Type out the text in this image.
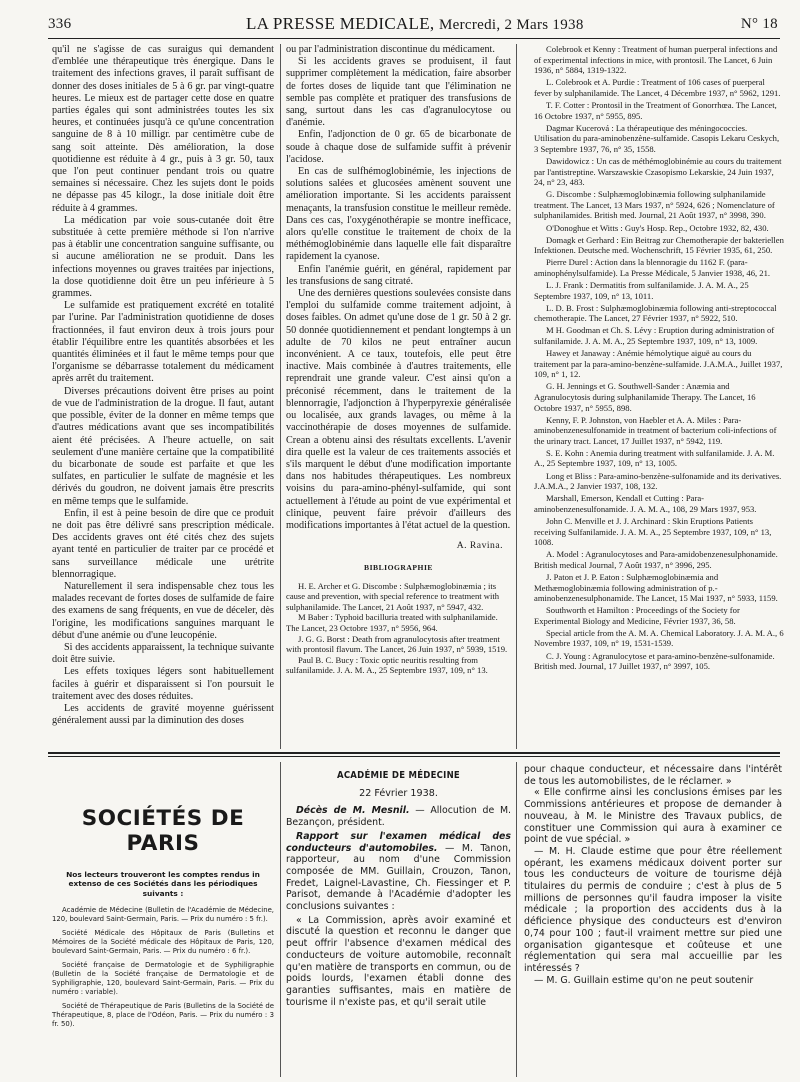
336	LA PRESSE MEDICALE, Mercredi, 2 Mars 1938	N° 18

qu'il ne s'agisse de cas suraigus qui demandent d'emblée une thérapeutique très énergique. Dans le traitement des infections graves, il paraît suffisant de donner des doses initiales de 5 à 6 gr. par vingt-quatre heures. Le mieux est de partager cette dose en quatre parties égales qui sont administrées toutes les six heures, et continuées jusqu'à ce qu'une concentration sanguine de 8 à 10 milligr. par centimètre cube de sang soit atteinte. Dès amélioration, la dose quotidienne est réduite à 4 gr., puis à 3 gr. 50, taux que l'on peut continuer pendant trois ou quatre semaines si nécessaire. Chez les sujets dont le poids ne dépasse pas 45 kilogr., la dose initiale doit être réduite à 4 grammes.

La médication par voie sous-cutanée doit être substituée à cette première méthode si l'on n'arrive pas à établir une concentration sanguine suffisante, ou si aucune amélioration ne se produit. Dans les infections moyennes ou graves traitées par injections, la dose quotidienne doit être un peu inférieure à 5 grammes.

Le sulfamide est pratiquement excrété en totalité par l'urine. Par l'administration quotidienne de doses fractionnées, il faut environ deux à trois jours pour établir l'équilibre entre les quantités absorbées et les quantités éliminées et il faut le même temps pour que l'organisme se débarrasse totalement du médicament après arrêt du traitement.

Diverses précautions doivent être prises au point de vue de l'administration de la drogue. Il faut, autant que possible, éviter de la donner en même temps que d'autres médications avant que ses incompatibilités aient été précisées. A l'heure actuelle, on sait seulement d'une manière certaine que la compatibilité du bicarbonate de soude est parfaite et que les sulfates, en particulier le sulfate de magnésie et les dérivés du goudron, ne doivent jamais être prescrits en même temps que le sulfamide.

Enfin, il est à peine besoin de dire que ce produit ne doit pas être délivré sans prescription médicale. Des accidents graves ont été cités chez des sujets ayant tenté en particulier de traiter par ce procédé et sans surveillance médicale une urétrite blennorragique.

Naturellement il sera indispensable chez tous les malades recevant de fortes doses de sulfamide de faire des examens de sang fréquents, en vue de déceler, dès l'origine, les modifications sanguines marquant le début d'une anémie ou d'une leucopénie.

Si des accidents apparaissent, la technique suivante doit être suivie.

Les effets toxiques légers sont habituellement faciles à guérir et disparaissent si l'on poursuit le traitement avec des doses réduites.

Les accidents de gravité moyenne guérissent généralement aussi par la diminution des doses

ou par l'administration discontinue du médicament.

Si les accidents graves se produisent, il faut supprimer complètement la médication, faire absorber de fortes doses de liquide tant que l'élimination ne semble pas complète et pratiquer des transfusions de sang, surtout dans les cas d'agranulocytose ou d'anémie.

Enfin, l'adjonction de 0 gr. 65 de bicarbonate de soude à chaque dose de sulfamide suffit à prévenir l'acidose.

En cas de sulfhémoglobinémie, les injections de solutions salées et glucosées amènent souvent une amélioration importante. Si les accidents paraissent menaçants, la transfusion constitue le meilleur remède. Dans ces cas, l'oxygénothérapie se montre inefficace, alors qu'elle constitue le traitement de choix de la méthémoglobinémie dans laquelle elle fait disparaître rapidement la cyanose.

Enfin l'anémie guérit, en général, rapidement par les transfusions de sang citraté.

Une des dernières questions soulevées consiste dans l'emploi du sulfamide comme traitement adjoint, à doses faibles. On admet qu'une dose de 1 gr. 50 à 2 gr. 50 donnée quotidiennement et pendant longtemps à un adulte de 70 kilos ne peut entraîner aucun inconvénient. A ce taux, toutefois, elle peut être inactive. Mais combinée à d'autres traitements, elle reprendrait une grande valeur. C'est ainsi qu'on a préconisé récemment, dans le traitement de la blennorragie, l'adjonction à l'hyperpyrexie généralisée ou localisée, aux grands lavages, ou même à la vaccinothérapie de doses moyennes de sulfamide. Crean a obtenu ainsi des résultats excellents. L'avenir dira quelle est la valeur de ces traitements associés et s'ils marquent le début d'une modification importante dans nos habitudes thérapeutiques. Les nombreux voisins du para-amino-phényl-sulfamide, qui sont actuellement à l'étude au point de vue expérimental et clinique, peuvent faire prévoir d'ailleurs des modifications importantes à l'état actuel de la question.

A. Ravina.
BIBLIOGRAPHIE

H. E. Archer et G. Discombe : Sulphæmoglobinæmia ; its cause and prevention, with special reference to treatment with sulphanilamide. The Lancet, 21 Août 1937, n° 5947, 432.

M Baber : Typhoid bacilluria treated with sulphanilamide. The Lancet, 23 Octobre 1937, n° 5956, 964.

J. G. G. Borst : Death from agranulocytosis after treatment with prontosil flavum. The Lancet, 26 Juin 1937, n° 5939, 1519.

Paul B. C. Bucy : Toxic optic neuritis resulting from sulfanilamide. J. A. M. A., 25 Septembre 1937, 109, n° 13.

Colebrook et Kenny : Treatment of human puerperal infections and of experimental infections in mice, with prontosil. The Lancet, 6 Juin 1936, n° 5884, 1319-1322.

L. Colebrook et A. Purdie : Treatment of 106 cases of puerperal fever by sulphanilamide. The Lancet, 4 Décembre 1937, n° 5962, 1291.

T. F. Cotter : Prontosil in the Treatment of Gonorrhœa. The Lancet, 16 Octobre 1937, n° 5955, 895.

Dagmar Kucerová : La thérapeutique des méningococcies. Utilisation du para-aminobenzène-sulfamide. Casopis Lekaru Ceskych, 3 Septembre 1937, 76, n° 35, 1558.

Dawidowicz : Un cas de méthémoglobinémie au cours du traitement par l'antistreptine. Warszawskie Czasopismo Lekarskie, 24 Juin 1937, 24, n° 23, 483.

G. Discombe : Sulphæmoglobinæmia following sulphanilamide treatment. The Lancet, 13 Mars 1937, n° 5924, 626 ; Nomenclature of sulphanilamides. British med. Journal, 21 Août 1937, n° 3998, 390.

O'Donoghue et Witts : Guy's Hosp. Rep., Octobre 1932, 82, 430.

Domagk et Gerhard : Ein Beitrag zur Chemotherapie der bakteriellen Infektionen. Deutsche med. Wochenschrift, 15 Février 1935, 61, 250.

Pierre Durel : Action dans la blennoragie du 1162 F. (para-aminophénylsulfamide). La Presse Médicale, 5 Janvier 1938, 46, 21.

L. J. Frank : Dermatitis from sulfanilamide. J. A. M. A., 25 Septembre 1937, 109, n° 13, 1011.

L. D. B. Frost : Sulphæmoglobinæmia following anti-streptococcal chemotherapie. The Lancet, 27 Février 1937, n° 5922, 510.

M H. Goodman et Ch. S. Lévy : Eruption during administration of sulfanilamide. J. A. M. A., 25 Septembre 1937, 109, n° 13, 1009.

Hawey et Janaway : Anémie hémolytique aiguë au cours du traitement par la para-amino-benzène-sulfamide. J.A.M.A., Juillet 1937, 109, n° 1, 12.

G. H. Jennings et G. Southwell-Sander : Anæmia and Agranulocytosis during sulphanilamide Therapy. The Lancet, 16 Octobre 1937, n° 5955, 898.

Kenny, F. P. Johnston, von Haebler et A. A. Miles : Para-aminobenzenesulfonamide in treatment of bacterium coli-infections of the urinary tract. Lancet, 17 Juillet 1937, n° 5942, 119.

S. E. Kohn : Anemia during treatment with sulfanilamide. J. A. M. A., 25 Septembre 1937, 109, n° 13, 1005.

Long et Bliss : Para-amino-benzène-sulfonamide and its derivatives. J.A.M.A., 2 Janvier 1937, 108, 132.

Marshall, Emerson, Kendall et Cutting : Para-aminobenzenesulfonamide. J. A. M. A., 108, 29 Mars 1937, 953.

John C. Menville et J. J. Archinard : Skin Eruptions Patients receiving Sulfanilamide. J. A. M. A., 25 Septembre 1937, 109, n° 13, 1008.

A. Model : Agranulocytoses and Para-amidobenzenesulphonamide. British medical Journal, 7 Août 1937, n° 3996, 295.

J. Paton et J. P. Eaton : Sulphæmoglobinæmia and Methæmoglobinæmia following administration of p.-aminobenzenesulphonamide. The Lancet, 15 Mai 1937, n° 5933, 1159.

Southworth et Hamilton : Proceedings of the Society for Experimental Biology and Medicine, Février 1937, 36, 58.

Special article from the A. M. A. Chemical Laboratory. J. A. M. A., 6 Novembre 1937, 109, n° 19, 1531-1539.

C. J. Young : Agranulocytose et para-amino-benzène-sulfonamide. British med. Journal, 17 Juillet 1937, n° 3997, 105.

SOCIÉTÉS DE PARIS
Nos lecteurs trouveront les comptes rendus in extenso de ces Sociétés dans les périodiques suivants :

Académie de Médecine (Bulletin de l'Académie de Médecine, 120, boulevard Saint-Germain, Paris. — Prix du numéro : 5 fr.).

Société Médicale des Hôpitaux de Paris (Bulletins et Mémoires de la Société médicale des Hôpitaux de Paris, 120, boulevard Saint-Germain, Paris. — Prix du numéro : 6 fr.).

Société française de Dermatologie et de Syphiligraphie (Bulletin de la Société française de Dermatologie et de Syphiligraphie, 120, boulevard Saint-Germain, Paris. — Prix du numéro : variable).

Société de Thérapeutique de Paris (Bulletins de la Société de Thérapeutique, 8, place de l'Odéon, Paris. — Prix du numéro : 3 fr. 50).

ACADÉMIE DE MÉDECINE
22 Février 1938.

Décès de M. Mesnil. — Allocution de M. Bezançon, président.

Rapport sur l'examen médical des conducteurs d'automobiles. — M. Tanon, rapporteur, au nom d'une Commission composée de MM. Guillain, Crouzon, Tanon, Fredet, Laignel-Lavastine, Ch. Fiessinger et P. Parisot, demande à l'Académie d'adopter les conclusions suivantes :

« La Commission, après avoir examiné et discuté la question et reconnu le danger que peut offrir l'absence d'examen médical des conducteurs de voiture automobile, reconnaît qu'en matière de transports en commun, ou de poids lourds, l'examen établi donne des garanties suffisantes, mais en matière de tourisme il n'existe pas, et qu'il serait utile

pour chaque conducteur, et nécessaire dans l'intérêt de tous les automobilistes, de le réclamer. »

« Elle confirme ainsi les conclusions émises par les Commissions antérieures et propose de demander à nouveau, à M. le Ministre des Travaux publics, de constituer une Commission qui aura à examiner ce point de vue spécial. »

— M. H. Claude estime que pour être réellement opérant, les examens médicaux doivent porter sur tous les conducteurs de voiture de tourisme déjà titulaires du permis de conduire ; c'est à plus de 5 millions de personnes qu'il faudra imposer la visite médicale ; la proportion des accidents dus à la déficience physique des conducteurs est d'environ 0,74 pour 100 ; faut-il vraiment mettre sur pied une organisation gigantesque et coûteuse et une réglementation qui sera mal accueillie par les intéressés ?

— M. G. Guillain estime qu'on ne peut soutenir
